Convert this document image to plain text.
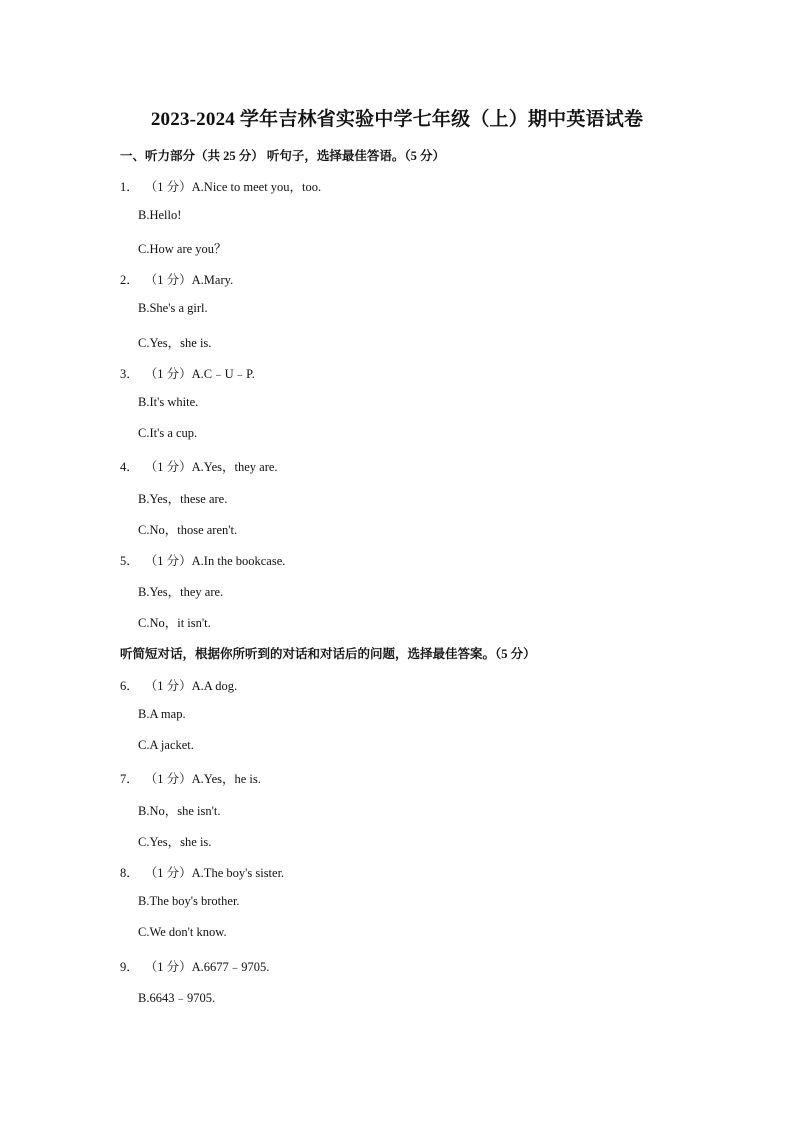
2023-2024 学年吉林省实验中学七年级（上）期中英语试卷
一、听力部分（共 25 分） 听句子，选择最佳答语。（5 分）
1． （1 分）A.Nice to meet you，too.
B.Hello!
C.How are you？
2． （1 分）A.Mary.
B.She's a girl.
C.Yes，she is.
3． （1 分）A.C﹣U﹣P.
B.It's white.
C.It's a cup.
4． （1 分）A.Yes，they are.
B.Yes，these are.
C.No，those aren't.
5． （1 分）A.In the bookcase.
B.Yes，they are.
C.No，it isn't.
听简短对话，根据你所听到的对话和对话后的问题，选择最佳答案。（5 分）
6． （1 分）A.A dog.
B.A map.
C.A jacket.
7． （1 分）A.Yes，he is.
B.No，she isn't.
C.Yes，she is.
8． （1 分）A.The boy's sister.
B.The boy's brother.
C.We don't know.
9． （1 分）A.6677﹣9705.
B.6643﹣9705.
